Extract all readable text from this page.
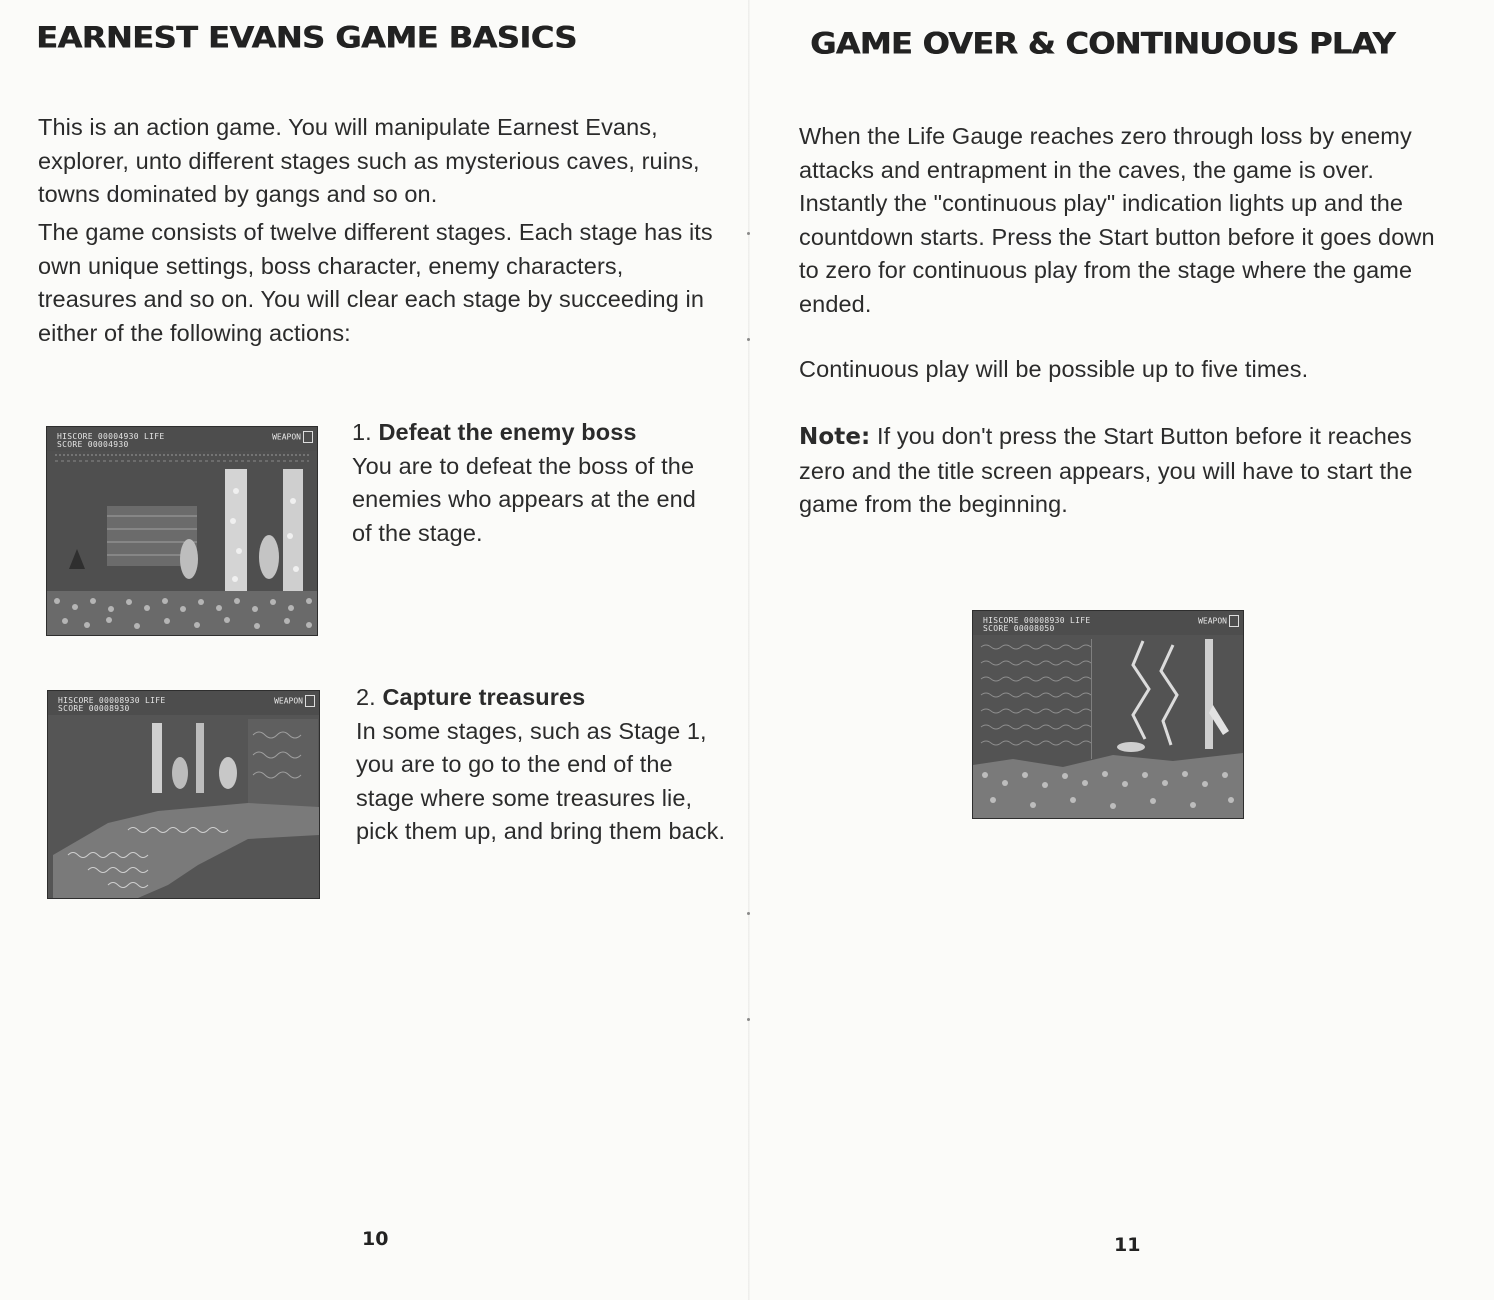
EARNEST EVANS GAME BASICS

This is an action game. You will manipulate Earnest Evans, explorer, unto different stages such as mysterious caves, ruins, towns dominated by gangs and so on.

The game consists of twelve different stages. Each stage has its own unique settings, boss character, enemy characters, treasures and so on. You will clear each stage by succeeding in either of the following actions:

HISCORE 00004930 LIFE
SCORE 00004930
WEAPON	1. Defeat the enemy boss
You are to defeat the boss of the enemies who appears at the end of the stage.
HISCORE 00008930 LIFE
SCORE 00008930
WEAPON	2. Capture treasures
In some stages, such as Stage 1, you are to go to the end of the stage where some treasures lie, pick them up, and bring them back.
10
GAME OVER & CONTINUOUS PLAY

When the Life Gauge reaches zero through loss by enemy attacks and entrapment in the caves, the game is over. Instantly the "continuous play" indication lights up and the countdown starts. Press the Start button before it goes down to zero for continuous play from the stage where the game ended.

Continuous play will be possible up to five times.

Note: If you don't press the Start Button before it reaches zero and the title screen appears, you will have to start the game from the beginning.

HISCORE 00008930 LIFE
SCORE 00008050
WEAPON
11
